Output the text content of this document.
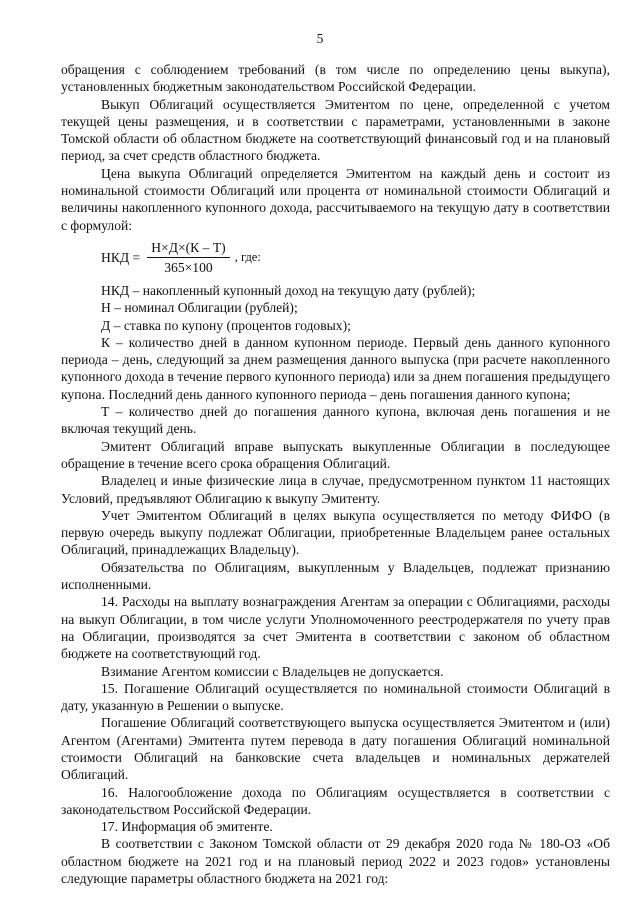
5

обращения с соблюдением требований (в том числе по определению цены выкупа), установленных бюджетным законодательством Российской Федерации.

Выкуп Облигаций осуществляется Эмитентом по цене, определенной с учетом текущей цены размещения, и в соответствии с параметрами, установленными в законе Томской области об областном бюджете на соответствующий финансовый год и на плановый период, за счет средств областного бюджета.

Цена выкупа Облигаций определяется Эмитентом на каждый день и состоит из номинальной стоимости Облигаций или процента от номинальной стоимости Облигаций и величины накопленного купонного дохода, рассчитываемого на текущую дату в соответствии с формулой:

НКД = $\frac{Н\times Д\times(К - Т)}{365\times 100}$ , где:

НКД – накопленный купонный доход на текущую дату (рублей);

Н – номинал Облигации (рублей);

Д – ставка по купону (процентов годовых);

К – количество дней в данном купонном периоде. Первый день данного купонного периода – день, следующий за днем размещения данного выпуска (при расчете накопленного купонного дохода в течение первого купонного периода) или за днем погашения предыдущего купона. Последний день данного купонного периода – день погашения данного купона;

Т – количество дней до погашения данного купона, включая день погашения и не включая текущий день.

Эмитент Облигаций вправе выпускать выкупленные Облигации в последующее обращение в течение всего срока обращения Облигаций.

Владелец и иные физические лица в случае, предусмотренном пунктом 11 настоящих Условий, предъявляют Облигацию к выкупу Эмитенту.

Учет Эмитентом Облигаций в целях выкупа осуществляется по методу ФИФО (в первую очередь выкупу подлежат Облигации, приобретенные Владельцем ранее остальных Облигаций, принадлежащих Владельцу).

Обязательства по Облигациям, выкупленным у Владельцев, подлежат признанию исполненными.

14. Расходы на выплату вознаграждения Агентам за операции с Облигациями, расходы на выкуп Облигации, в том числе услуги Уполномоченного реестродержателя по учету прав на Облигации, производятся за счет Эмитента в соответствии с законом об областном бюджете на соответствующий год.

Взимание Агентом комиссии с Владельцев не допускается.

15. Погашение Облигаций осуществляется по номинальной стоимости Облигаций в дату, указанную в Решении о выпуске.

Погашение Облигаций соответствующего выпуска осуществляется Эмитентом и (или) Агентом (Агентами) Эмитента путем перевода в дату погашения Облигаций номинальной стоимости Облигаций на банковские счета владельцев и номинальных держателей Облигаций.

16. Налогообложение дохода по Облигациям осуществляется в соответствии с законодательством Российской Федерации.

17. Информация об эмитенте.

В соответствии с Законом Томской области от 29 декабря 2020 года № 180-ОЗ «Об областном бюджете на 2021 год и на плановый период 2022 и 2023 годов» установлены следующие параметры областного бюджета на 2021 год:
